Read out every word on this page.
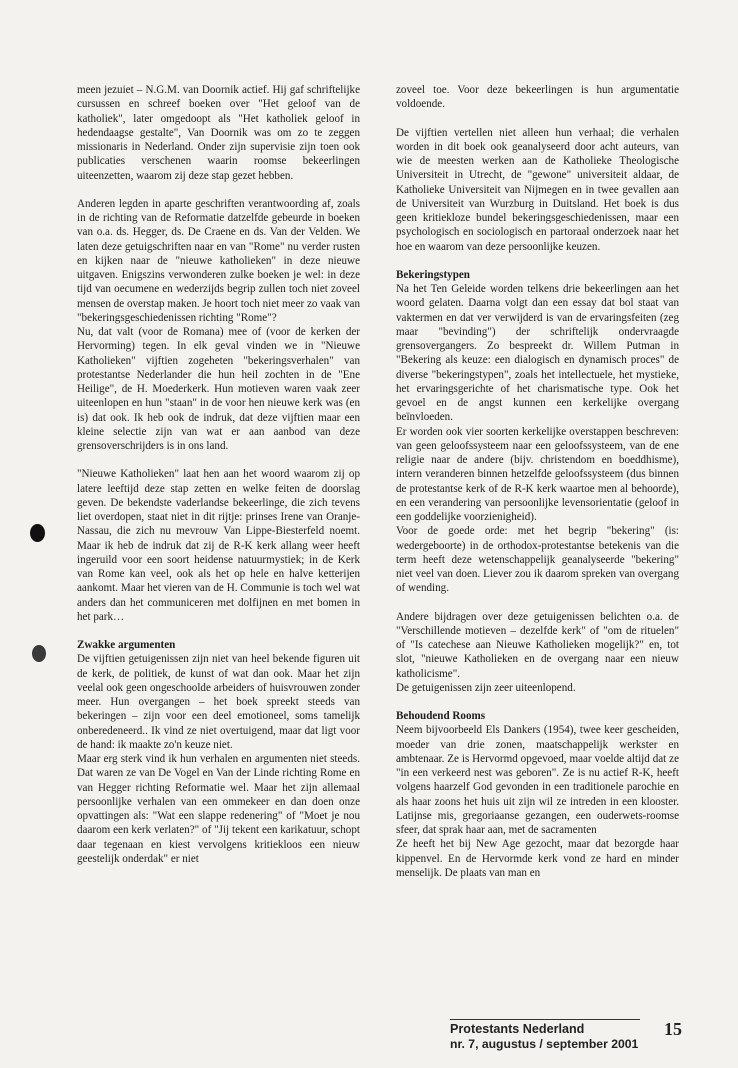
meen jezuiet – N.G.M. van Doornik actief. Hij gaf schriftelijke cursussen en schreef boeken over "Het geloof van de katholiek", later omgedoopt als "Het katholiek geloof in hedendaagse gestalte", Van Doornik was om zo te zeggen missionaris in Nederland. Onder zijn supervisie zijn toen ook publicaties verschenen waarin roomse bekeerlingen uiteenzetten, waarom zij deze stap gezet hebben.

Anderen legden in aparte geschriften verantwoording af, zoals in de richting van de Reformatie datzelfde gebeurde in boeken van o.a. ds. Hegger, ds. De Craene en ds. Van der Velden. We laten deze getuigschriften naar en van "Rome" nu verder rusten en kijken naar de "nieuwe katholieken" in deze nieuwe uitgaven. Enigszins verwonderen zulke boeken je wel: in deze tijd van oecumene en wederzijds begrip zullen toch niet zoveel mensen de overstap maken. Je hoort toch niet meer zo vaak van "bekeringsgeschiedenissen richting "Rome"?

Nu, dat valt (voor de Romana) mee of (voor de kerken der Hervorming) tegen. In elk geval vinden we in "Nieuwe Katholieken" vijftien zogeheten "bekeringsverhalen" van protestantse Nederlander die hun heil zochten in de "Ene Heilige", de H. Moederkerk. Hun motieven waren vaak zeer uiteenlopen en hun "staan" in de voor hen nieuwe kerk was (en is) dat ook. Ik heb ook de indruk, dat deze vijftien maar een kleine selectie zijn van wat er aan aanbod van deze grensoverschrijders is in ons land.

"Nieuwe Katholieken" laat hen aan het woord waarom zij op latere leeftijd deze stap zetten en welke feiten de doorslag geven. De bekendste vaderlandse bekeerlinge, die zich tevens liet overdopen, staat niet in dit rijtje: prinses Irene van Oranje-Nassau, die zich nu mevrouw Van Lippe-Biesterfeld noemt. Maar ik heb de indruk dat zij de R-K kerk allang weer heeft ingeruild voor een soort heidense natuurmystiek; in de Kerk van Rome kan veel, ook als het op hele en halve ketterijen aankomt. Maar het vieren van de H. Communie is toch wel wat anders dan het communiceren met dolfijnen en met bomen in het park…

Zwakke argumenten

De vijftien getuigenissen zijn niet van heel bekende figuren uit de kerk, de politiek, de kunst of wat dan ook. Maar het zijn veelal ook geen ongeschoolde arbeiders of huisvrouwen zonder meer. Hun overgangen – het boek spreekt steeds van bekeringen – zijn voor een deel emotioneel, soms tamelijk onberedeneerd.. Ik vind ze niet overtuigend, maar dat ligt voor de hand: ik maakte zo'n keuze niet.

Maar erg sterk vind ik hun verhalen en argumenten niet steeds. Dat waren ze van De Vogel en Van der Linde richting Rome en van Hegger richting Reformatie wel. Maar het zijn allemaal persoonlijke verhalen van een ommekeer en dan doen onze opvattingen als: "Wat een slappe redenering" of "Moet je nou daarom een kerk verlaten?" of "Jij tekent een karikatuur, schopt daar tegenaan en kiest vervolgens kritiekloos een nieuw geestelijk onderdak" er niet

zoveel toe. Voor deze bekeerlingen is hun argumentatie voldoende.

De vijftien vertellen niet alleen hun verhaal; die verhalen worden in dit boek ook geanalyseerd door acht auteurs, van wie de meesten werken aan de Katholieke Theologische Universiteit in Utrecht, de "gewone" universiteit aldaar, de Katholieke Universiteit van Nijmegen en in twee gevallen aan de Universiteit van Wurzburg in Duitsland. Het boek is dus geen kritiekloze bundel bekeringsgeschiedenissen, maar een psychologisch en sociologisch en partoraal onderzoek naar het hoe en waarom van deze persoonlijke keuzen.

Bekeringstypen

Na het Ten Geleide worden telkens drie bekeerlingen aan het woord gelaten. Daarna volgt dan een essay dat bol staat van vaktermen en dat ver verwijderd is van de ervaringsfeiten (zeg maar "bevinding") der schriftelijk ondervraagde grensovergangers. Zo bespreekt dr. Willem Putman in "Bekering als keuze: een dialogisch en dynamisch proces" de diverse "bekeringstypen", zoals het intellectuele, het mystieke, het ervaringsgerichte of het charismatische type. Ook het gevoel en de angst kunnen een kerkelijke overgang beïnvloeden.

Er worden ook vier soorten kerkelijke overstappen beschreven: van geen geloofssysteem naar een geloofssysteem, van de ene religie naar de andere (bijv. christendom en boeddhisme), intern veranderen binnen hetzelfde geloofssysteem (dus binnen de protestantse kerk of de R-K kerk waartoe men al behoorde), en een verandering van persoonlijke levensorientatie (geloof in een goddelijke voorzienigheid).

Voor de goede orde: met het begrip "bekering" (is: wedergeboorte) in de orthodox-protestantse betekenis van die term heeft deze wetenschappelijk geanalyseerde "bekering" niet veel van doen. Liever zou ik daarom spreken van overgang of wending.

Andere bijdragen over deze getuigenissen belichten o.a. de "Verschillende motieven – dezelfde kerk" of "om de rituelen" of "Is catechese aan Nieuwe Katholieken mogelijk?" en, tot slot, "nieuwe Katholieken en de overgang naar een nieuw katholicisme".

De getuigenissen zijn zeer uiteenlopend.

Behoudend Rooms

Neem bijvoorbeeld Els Dankers (1954), twee keer gescheiden, moeder van drie zonen, maatschappelijk werkster en ambtenaar. Ze is Hervormd opgevoed, maar voelde altijd dat ze "in een verkeerd nest was geboren". Ze is nu actief R-K, heeft volgens haarzelf God gevonden in een traditionele parochie en als haar zoons het huis uit zijn wil ze intreden in een klooster. Latijnse mis, gregoriaanse gezangen, een ouderwets-roomse sfeer, dat sprak haar aan, met de sacramenten

Ze heeft het bij New Age gezocht, maar dat bezorgde haar kippenvel. En de Hervormde kerk vond ze hard en minder menselijk. De plaats van man en

Protestants Nederland
nr. 7, augustus / september 2001
15
